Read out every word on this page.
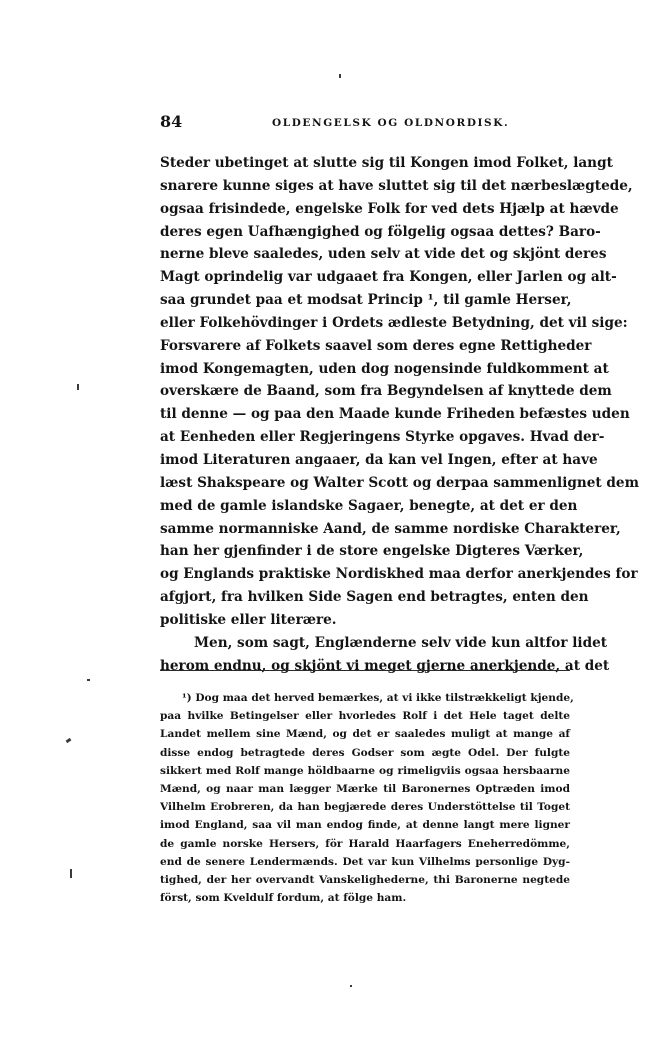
84	OLDENGELSK OG OLDNORDISK.
Steder ubetinget at slutte sig til Kongen imod Folket, langt
snarere kunne siges at have sluttet sig til det nærbeslægtede,
ogsaa frisindede, engelske Folk for ved dets Hjælp at hævde
deres egen Uafhængighed og fölgelig ogsaa dettes? Baro-
nerne bleve saaledes, uden selv at vide det og skjönt deres
Magt oprindelig var udgaaet fra Kongen, eller Jarlen og alt-
saa grundet paa et modsat Princip ¹, til gamle Herser,
eller Folkehövdinger i Ordets ædleste Betydning, det vil sige:
Forsvarere af Folkets saavel som deres egne Rettigheder
imod Kongemagten, uden dog nogensinde fuldkomment at
overskære de Baand, som fra Begyndelsen af knyttede dem
til denne — og paa den Maade kunde Friheden befæstes uden
at Eenheden eller Regjeringens Styrke opgaves. Hvad der-
imod Literaturen angaaer, da kan vel Ingen, efter at have
læst Shakspeare og Walter Scott og derpaa sammenlignet dem
med de gamle islandske Sagaer, benegte, at det er den
samme normanniske Aand, de samme nordiske Charakterer,
han her gjenfinder i de store engelske Digteres Værker,
og Englands praktiske Nordiskhed maa derfor anerkjendes for
afgjort, fra hvilken Side Sagen end betragtes, enten den
politiske eller literære.
Men, som sagt, Englænderne selv vide kun altfor lidet
herom endnu, og skjönt vi meget gjerne anerkjende, at det
¹) Dog maa det herved bemærkes, at vi ikke tilstrækkeligt kjende,
paa hvilke Betingelser eller hvorledes Rolf i det Hele taget delte
Landet mellem sine Mænd, og det er saaledes muligt at mange af
disse endog betragtede deres Godser som ægte Odel. Der fulgte
sikkert med Rolf mange höldbaarne og rimeligviis ogsaa hersbaarne
Mænd, og naar man lægger Mærke til Baronernes Optræden imod
Vilhelm Erobreren, da han begjærede deres Understöttelse til Toget
imod England, saa vil man endog finde, at denne langt mere ligner
de gamle norske Hersers, för Harald Haarfagers Eneherredömme,
end de senere Lendermænds. Det var kun Vilhelms personlige Dyg-
tighed, der her overvandt Vanskelighederne, thi Baronerne negtede
först, som Kveldulf fordum, at fölge ham.
